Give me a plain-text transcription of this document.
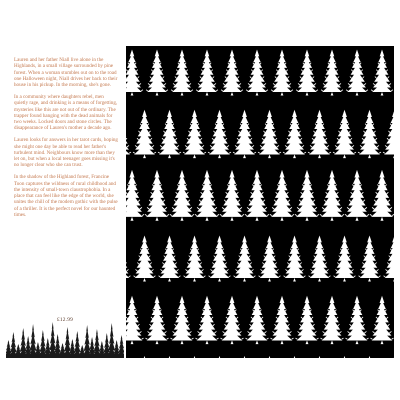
Lauren and her father Niall live alone in the Highlands, in a small village surrounded by pine forest. When a woman stumbles out on to the road one Halloween night, Niall drives her back to their house in his pickup. In the morning, she's gone.

In a community where daughters rebel, men quietly rage, and drinking is a means of forgetting, mysteries like this are not out of the ordinary. The trapper found hanging with the dead animals for two weeks. Locked doors and stone circles. The disappearance of Lauren's mother a decade ago.

Lauren looks for answers in her tarot cards, hoping she might one day be able to read her father's turbulent mind. Neighbours know more than they let on, but when a local teenager goes missing it's no longer clear who she can trust.

In the shadow of the Highland forest, Francine Toon captures the wildness of rural childhood and the intensity of small-town claustrophobia. In a place that can feel like the edge of the world, she unites the chill of the modern gothic with the pulse of a thriller. It is the perfect novel for our haunted times.

£12.99
